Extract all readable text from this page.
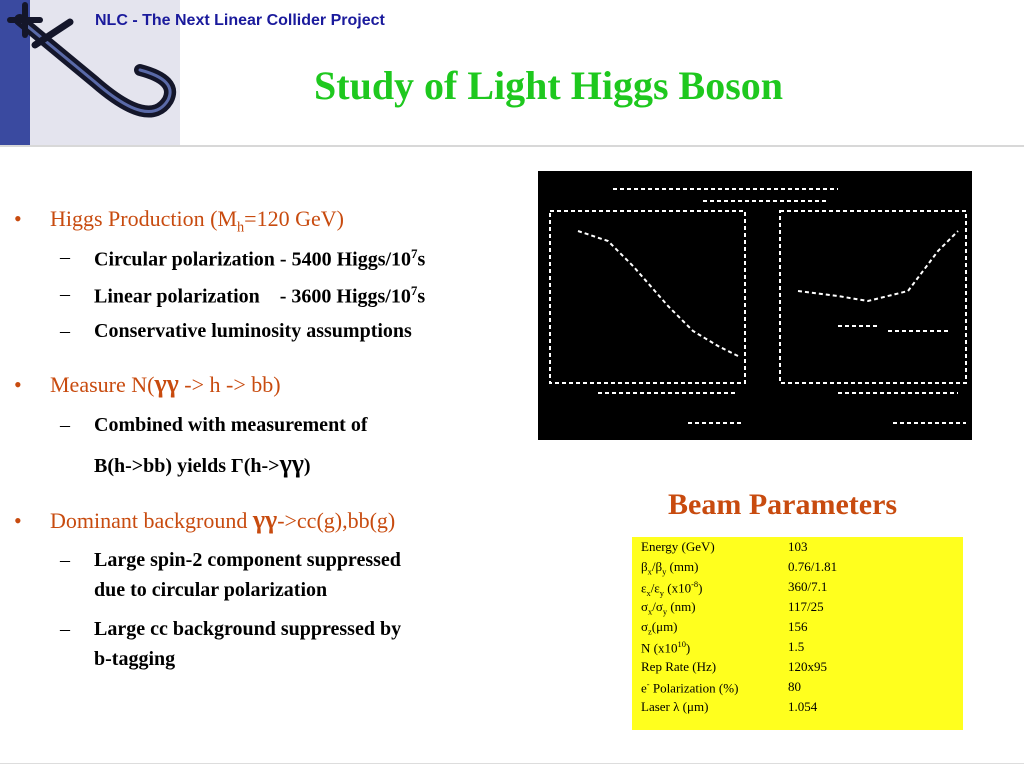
NLC - The Next Linear Collider Project
Study of Light Higgs Boson
• Higgs Production ($M_h=120$ GeV)
– Circular polarization - 5400 Higgs/$10^7s$
– Linear polarization    - 3600 Higgs/$10^7s$
– Conservative luminosity assumptions
• Measure N(γγ -> h -> bb)
– Combined with measurement of
B(h->bb) yields Γ(h->γγ)
• Dominant background γγ->cc(g),bb(g)
– Large spin-2 component suppressed
due to circular polarization
– Large cc background suppressed by
b-tagging
Beam Parameters
Energy (GeV)	103
$\beta_x/\beta_y$ (mm)	0.76/1.81
$\varepsilon_x/\varepsilon_y$ $(x10^{-8})$	360/7.1
$\sigma_x/\sigma_y$ (nm)	117/25
$\sigma_z(\mu m)$	156
N $(x10^{10})$	1.5
Rep Rate (Hz)	120x95
e- Polarization (%)	80
Laser λ (μm)	1.054
